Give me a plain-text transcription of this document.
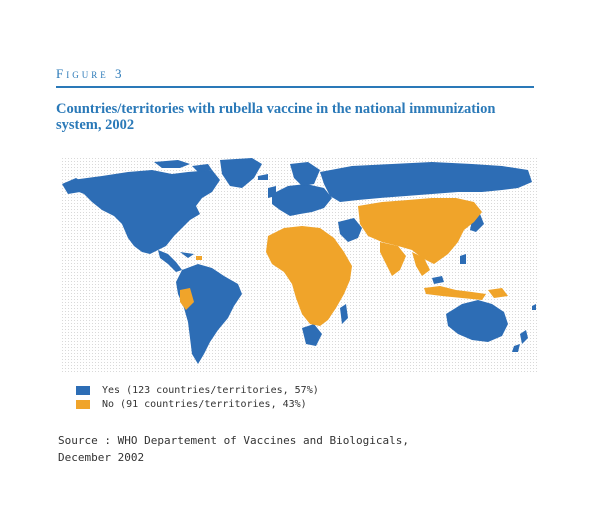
Figure 3
Countries/territories with rubella vaccine in the national immunization system, 2002
Yes (123 countries/territories, 57%)
No (91 countries/territories, 43%)
Source : WHO Departement of Vaccines and Biologicals,
December 2002
